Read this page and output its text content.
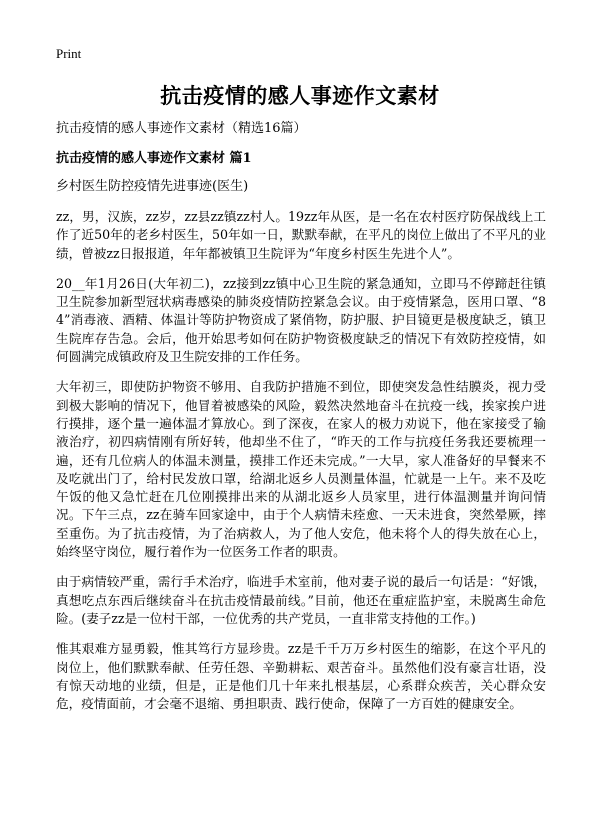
Print
抗击疫情的感人事迹作文素材

抗击疫情的感人事迹作文素材（精选16篇）

抗击疫情的感人事迹作文素材 篇1

乡村医生防控疫情先进事迹(医生)

zz，男，汉族，zz岁，zz县zz镇zz村人。19zz年从医，是一名在农村医疗防保战线上工作了近50年的老乡村医生，50年如一日，默默奉献，在平凡的岗位上做出了不平凡的业绩，曾被zz日报报道，年年都被镇卫生院评为“年度乡村医生先进个人”。

20__年1月26日(大年初二)，zz接到zz镇中心卫生院的紧急通知，立即马不停蹄赶往镇卫生院参加新型冠状病毒感染的肺炎疫情防控紧急会议。由于疫情紧急，医用口罩、“84”消毒液、酒精、体温计等防护物资成了紧俏物，防护服、护目镜更是极度缺乏，镇卫生院库存告急。会后，他开始思考如何在防护物资极度缺乏的情况下有效防控疫情，如何圆满完成镇政府及卫生院安排的工作任务。

大年初三，即使防护物资不够用、自我防护措施不到位，即使突发急性结膜炎，视力受到极大影响的情况下，他冒着被感染的风险，毅然决然地奋斗在抗疫一线，挨家挨户进行摸排，逐个量一遍体温才算放心。到了深夜，在家人的极力劝说下，他在家接受了输液治疗，初四病情刚有所好转，他却坐不住了，“昨天的工作与抗疫任务我还要梳理一遍，还有几位病人的体温未测量，摸排工作还未完成。”一大早，家人准备好的早餐来不及吃就出门了，给村民发放口罩，给湖北返乡人员测量体温，忙就是一上午。来不及吃午饭的他又急忙赶在几位刚摸排出来的从湖北返乡人员家里，进行体温测量并询问情况。下午三点，zz在骑车回家途中，由于个人病情未痊愈、一天未进食，突然晕厥，摔至重伤。为了抗击疫情，为了治病救人，为了他人安危，他未将个人的得失放在心上，始终坚守岗位，履行着作为一位医务工作者的职责。

由于病情较严重，需行手术治疗，临进手术室前，他对妻子说的最后一句话是：“好饿，真想吃点东西后继续奋斗在抗击疫情最前线。”目前，他还在重症监护室，未脱离生命危险。(妻子zz是一位村干部，一位优秀的共产党员，一直非常支持他的工作。)

惟其艰难方显勇毅，惟其笃行方显珍贵。zz是千千万万乡村医生的缩影，在这个平凡的岗位上，他们默默奉献、任劳任怨、辛勤耕耘、艰苦奋斗。虽然他们没有豪言壮语，没有惊天动地的业绩，但是，正是他们几十年来扎根基层，心系群众疾苦，关心群众安危，疫情面前，才会毫不退缩、勇担职责、践行使命，保障了一方百姓的健康安全。
